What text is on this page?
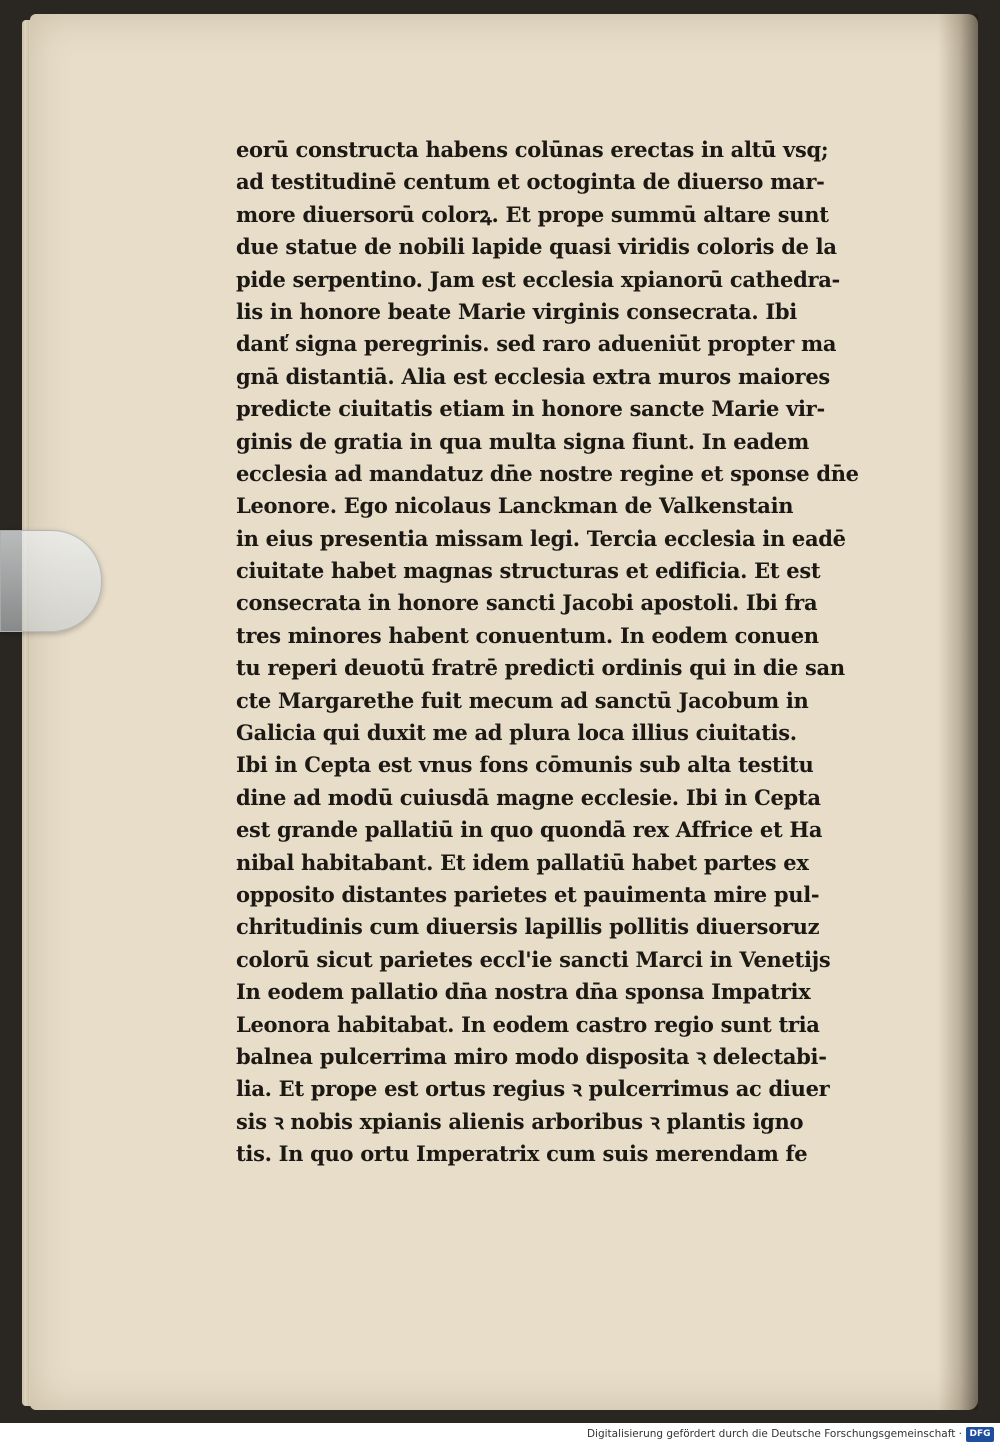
eorū constructa habens colūnas erectas in altū vsq;
ad testitudinē centum et octoginta de diuerso mar-
more diuersorū colorꝝ. Et prope summū altare sunt
due statue de nobili lapide quasi viridis coloris de la
pide serpentino. Jam est ecclesia xpianorū cathedra-
lis in honore beate Marie virginis consecrata. Ibi
danť signa peregrinis. sed raro adueniūt propter ma
gnā distantiā. Alia est ecclesia extra muros maiores
predicte ciuitatis etiam in honore sancte Marie vir-
ginis de gratia in qua multa signa fiunt. In eadem
ecclesia ad mandatuz dn̄e nostre regine et sponse dn̄e
Leonore. Ego nicolaus Lanckman de Valkenstain
in eius presentia missam legi. Tercia ecclesia in eadē
ciuitate habet magnas structuras et edificia. Et est
consecrata in honore sancti Jacobi apostoli. Ibi fra
tres minores habent conuentum. In eodem conuen
tu reperi deuotū fratrē predicti ordinis qui in die san
cte Margarethe fuit mecum ad sanctū Jacobum in
Galicia qui duxit me ad plura loca illius ciuitatis.
Ibi in Cepta est vnus fons cōmunis sub alta testitu
dine ad modū cuiusdā magne ecclesie. Ibi in Cepta
est grande pallatiū in quo quondā rex Affrice et Ha
nibal habitabant. Et idem pallatiū habet partes ex
opposito distantes parietes et pauimenta mire pul-
chritudinis cum diuersis lapillis pollitis diuersoruz
colorū sicut parietes eccl'ie sancti Marci in Venetijs
In eodem pallatio dn̄a nostra dn̄a sponsa Impatrix
Leonora habitabat. In eodem castro regio sunt tria
balnea pulcerrima miro modo disposita ꝛ delectabi-
lia. Et prope est ortus regius ꝛ pulcerrimus ac diuer
sis ꝛ nobis xpianis alienis arboribus ꝛ plantis igno
tis. In quo ortu Imperatrix cum suis merendam fe
Digitalisierung gefördert durch die Deutsche Forschungsgemeinschaft · DFG
